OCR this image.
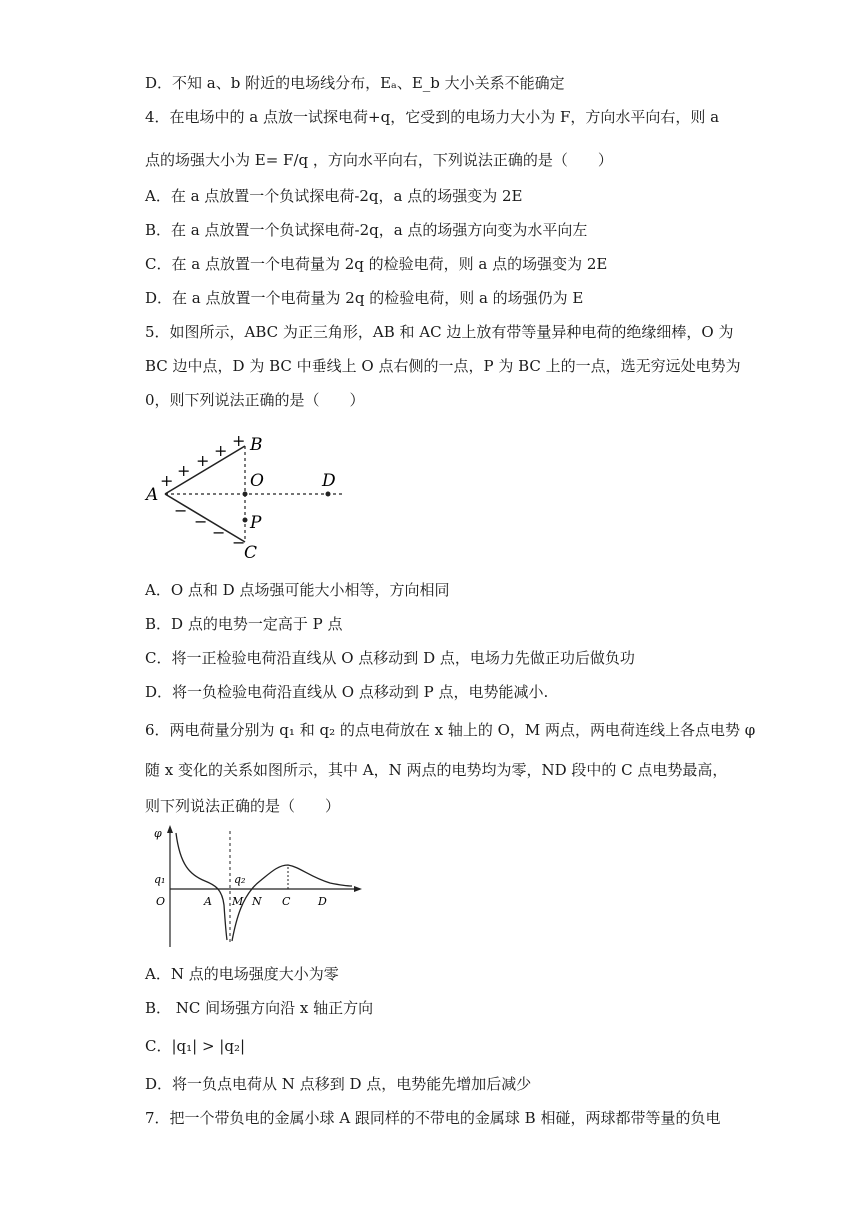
D．不知 a、b 附近的电场线分布，Eₐ、E_b 大小关系不能确定
4．在电场中的 a 点放一试探电荷+q，它受到的电场力大小为 F，方向水平向右，则 a
点的场强大小为 E= F/q ，方向水平向右，下列说法正确的是（　　）
A．在 a 点放置一个负试探电荷-2q，a 点的场强变为 2E
B．在 a 点放置一个负试探电荷-2q，a 点的场强方向变为水平向左
C．在 a 点放置一个电荷量为 2q 的检验电荷，则 a 点的场强变为 2E
D．在 a 点放置一个电荷量为 2q 的检验电荷，则 a 的场强仍为 E
5．如图所示，ABC 为正三角形，AB 和 AC 边上放有带等量异种电荷的绝缘细棒，O 为
BC 边中点，D 为 BC 中垂线上 O 点右侧的一点，P 为 BC 上的一点，选无穷远处电势为
0，则下列说法正确的是（　　）
+
+
+
+
+
−
−
−
−
B
A
O	D
P
C
A．O 点和 D 点场强可能大小相等，方向相同
B．D 点的电势一定高于 P 点
C．将一正检验电荷沿直线从 O 点移动到 D 点，电场力先做正功后做负功
D．将一负检验电荷沿直线从 O 点移动到 P 点，电势能减小.
6．两电荷量分别为 q₁ 和 q₂ 的点电荷放在 x 轴上的 O，M 两点，两电荷连线上各点电势 φ
随 x 变化的关系如图所示，其中 A，N 两点的电势均为零，ND 段中的 C 点电势最高，
则下列说法正确的是（　　）
φ
q₁	q₂
O	A M N C	D
A．N 点的电场强度大小为零
B． NC 间场强方向沿 x 轴正方向
C．|q₁| > |q₂|
D．将一负点电荷从 N 点移到 D 点，电势能先增加后减少
7．把一个带负电的金属小球 A 跟同样的不带电的金属球 B 相碰，两球都带等量的负电
